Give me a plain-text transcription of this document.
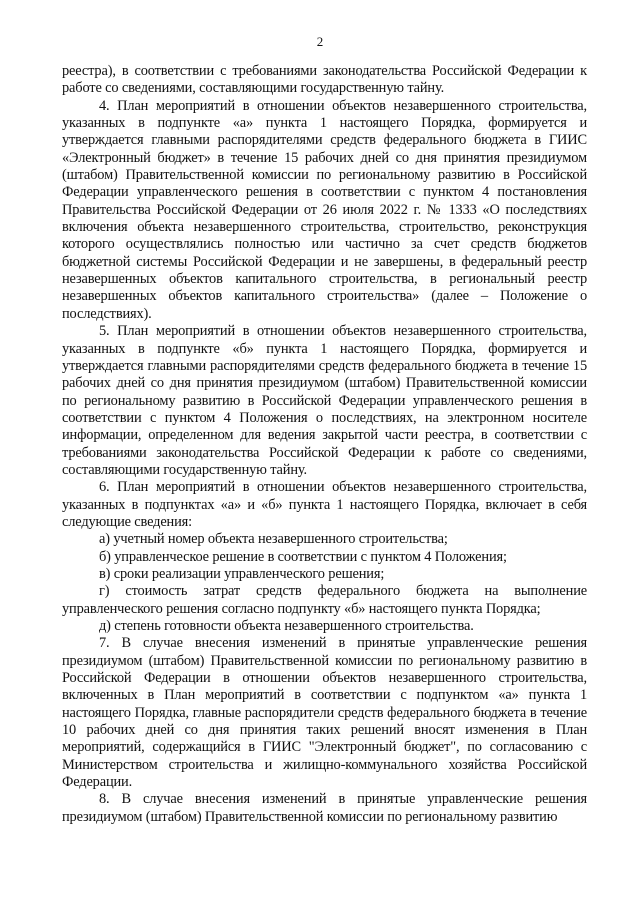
2

реестра), в соответствии с требованиями законодательства Российской Федерации к работе со сведениями, составляющими государственную тайну.

4. План мероприятий в отношении объектов незавершенного строительства, указанных в подпункте «а» пункта 1 настоящего Порядка, формируется и утверждается главными распорядителями средств федерального бюджета в ГИИС «Электронный бюджет» в течение 15 рабочих дней со дня принятия президиумом (штабом) Правительственной комиссии по региональному развитию в Российской Федерации управленческого решения в соответствии с пунктом 4 постановления Правительства Российской Федерации от 26 июля 2022 г. № 1333 «О последствиях включения объекта незавершенного строительства, строительство, реконструкция которого осуществлялись полностью или частично за счет средств бюджетов бюджетной системы Российской Федерации и не завершены, в федеральный реестр незавершенных объектов капитального строительства, в региональный реестр незавершенных объектов капитального строительства» (далее – Положение о последствиях).

5. План мероприятий в отношении объектов незавершенного строительства, указанных в подпункте «б» пункта 1 настоящего Порядка, формируется и утверждается главными распорядителями средств федерального бюджета в течение 15 рабочих дней со дня принятия президиумом (штабом) Правительственной комиссии по региональному развитию в Российской Федерации управленческого решения в соответствии с пунктом 4 Положения о последствиях, на электронном носителе информации, определенном для ведения закрытой части реестра, в соответствии с требованиями законодательства Российской Федерации к работе со сведениями, составляющими государственную тайну.

6. План мероприятий в отношении объектов незавершенного строительства, указанных в подпунктах «а» и «б» пункта 1 настоящего Порядка, включает в себя следующие сведения:

а) учетный номер объекта незавершенного строительства;

б) управленческое решение в соответствии с пунктом 4 Положения;

в) сроки реализации управленческого решения;

г) стоимость затрат средств федерального бюджета на выполнение управленческого решения согласно подпункту «б» настоящего пункта Порядка;

д) степень готовности объекта незавершенного строительства.

7. В случае внесения изменений в принятые управленческие решения президиумом (штабом) Правительственной комиссии по региональному развитию в Российской Федерации в отношении объектов незавершенного строительства, включенных в План мероприятий в соответствии с подпунктом «а» пункта 1 настоящего Порядка, главные распорядители средств федерального бюджета в течение 10 рабочих дней со дня принятия таких решений вносят изменения в План мероприятий, содержащийся в ГИИС "Электронный бюджет", по согласованию с Министерством строительства и жилищно-коммунального хозяйства Российской Федерации.

8. В случае внесения изменений в принятые управленческие решения президиумом (штабом) Правительственной комиссии по региональному развитию
